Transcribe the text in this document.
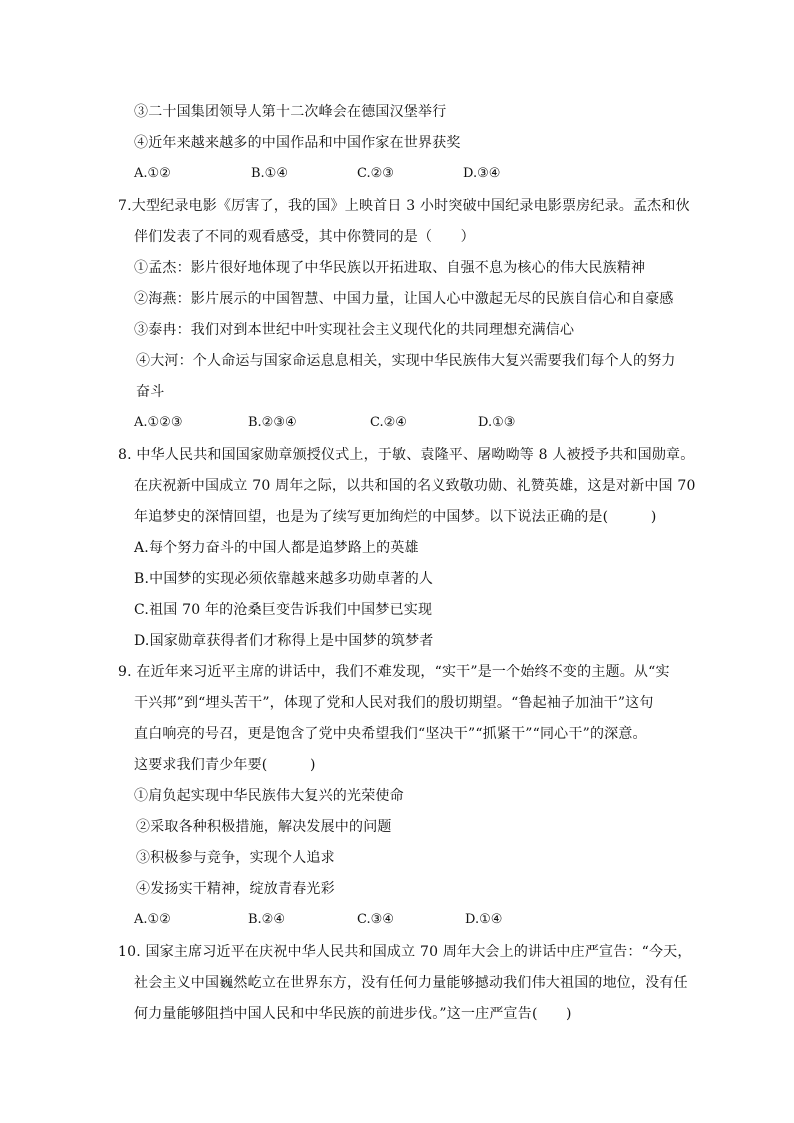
③二十国集团领导人第十二次峰会在德国汉堡举行
④近年来越来越多的中国作品和中国作家在世界获奖
A.①②	B.①④	C.②③	D.③④
7.大型纪录电影《厉害了，我的国》上映首日 3 小时突破中国纪录电影票房纪录。孟杰和伙
伴们发表了不同的观看感受，其中你赞同的是（　　）
①孟杰：影片很好地体现了中华民族以开拓进取、自强不息为核心的伟大民族精神
②海燕：影片展示的中国智慧、中国力量，让国人心中激起无尽的民族自信心和自豪感
③泰冉：我们对到本世纪中叶实现社会主义现代化的共同理想充满信心
④大河：个人命运与国家命运息息相关，实现中华民族伟大复兴需要我们每个人的努力
奋斗
A.①②③	B.②③④	C.②④	D.①③
8. 中华人民共和国国家勋章颁授仪式上，于敏、袁隆平、屠呦呦等 8 人被授予共和国勋章。
在庆祝新中国成立 70 周年之际，以共和国的名义致敬功勋、礼赞英雄，这是对新中国 70
年追梦史的深情回望，也是为了续写更加绚烂的中国梦。以下说法正确的是(　　　)
A.每个努力奋斗的中国人都是追梦路上的英雄
B.中国梦的实现必须依靠越来越多功勋卓著的人
C.祖国 70 年的沧桑巨变告诉我们中国梦已实现
D.国家勋章获得者们才称得上是中国梦的筑梦者
9. 在近年来习近平主席的讲话中，我们不难发现，“实干”是一个始终不变的主题。从“实
干兴邦”到“埋头苦干”，体现了党和人民对我们的殷切期望。“鲁起袖子加油干”这句
直白响亮的号召，更是饱含了党中央希望我们“坚决干”“抓紧干”“同心干”的深意。
这要求我们青少年要(　　　)
①肩负起实现中华民族伟大复兴的光荣使命
②采取各种积极措施，解决发展中的问题
③积极参与竞争，实现个人追求
④发扬实干精神，绽放青春光彩
A.①②	B.②④	C.③④	D.①④
10. 国家主席习近平在庆祝中华人民共和国成立 70 周年大会上的讲话中庄严宣告：“今天，
社会主义中国巍然屹立在世界东方，没有任何力量能够撼动我们伟大祖国的地位，没有任
何力量能够阻挡中国人民和中华民族的前进步伐。”这一庄严宣告(　　)
